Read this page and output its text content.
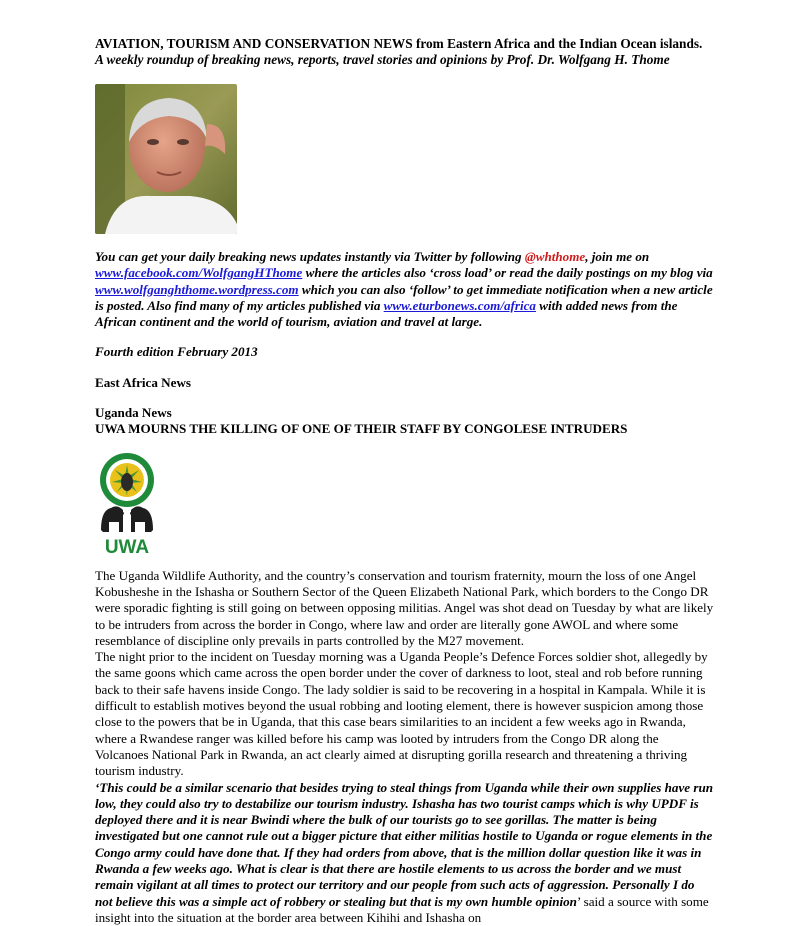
AVIATION, TOURISM AND CONSERVATION NEWS from Eastern Africa and the Indian Ocean islands.

A weekly roundup of breaking news, reports, travel stories and opinions by Prof. Dr. Wolfgang H. Thome

You can get your daily breaking news updates instantly via Twitter by following @whthome, join me on www.facebook.com/WolfgangHThome where the articles also ‘cross load’ or read the daily postings on my blog via www.wolfganghthome.wordpress.com which you can also ‘follow’ to get immediate notification when a new article is posted. Also find many of my articles published via www.eturbonews.com/africa with added news from the African continent and the world of tourism, aviation and travel at large.

Fourth edition February 2013

East Africa News

Uganda News

UWA MOURNS THE KILLING OF ONE OF THEIR STAFF BY CONGOLESE INTRUDERS

UWA

The Uganda Wildlife Authority, and the country’s conservation and tourism fraternity, mourn the loss of one Angel Kobusheshe in the Ishasha or Southern Sector of the Queen Elizabeth National Park, which borders to the Congo DR were sporadic fighting is still going on between opposing militias. Angel was shot dead on Tuesday by what are likely to be intruders from across the border in Congo, where law and order are literally gone AWOL and where some resemblance of discipline only prevails in parts controlled by the M27 movement.

The night prior to the incident on Tuesday morning was a Uganda People’s Defence Forces soldier shot, allegedly by the same goons which came across the open border under the cover of darkness to loot, steal and rob before running back to their safe havens inside Congo. The lady soldier is said to be recovering in a hospital in Kampala. While it is difficult to establish motives beyond the usual robbing and looting element, there is however suspicion among those close to the powers that be in Uganda, that this case bears similarities to an incident a few weeks ago in Rwanda, where a Rwandese ranger was killed before his camp was looted by intruders from the Congo DR along the Volcanoes National Park in Rwanda, an act clearly aimed at disrupting gorilla research and threatening a thriving tourism industry.

‘This could be a similar scenario that besides trying to steal things from Uganda while their own supplies have run low, they could also try to destabilize our tourism industry. Ishasha has two tourist camps which is why UPDF is deployed there and it is near Bwindi where the bulk of our tourists go to see gorillas. The matter is being investigated but one cannot rule out a bigger picture that either militias hostile to Uganda or rogue elements in the Congo army could have done that. If they had orders from above, that is the million dollar question like it was in Rwanda a few weeks ago. What is clear is that there are hostile elements to us across the border and we must remain vigilant at all times to protect our territory and our people from such acts of aggression. Personally I do not believe this was a simple act of robbery or stealing but that is my own humble opinion’ said a source with some insight into the situation at the border area between Kihihi and Ishasha on
